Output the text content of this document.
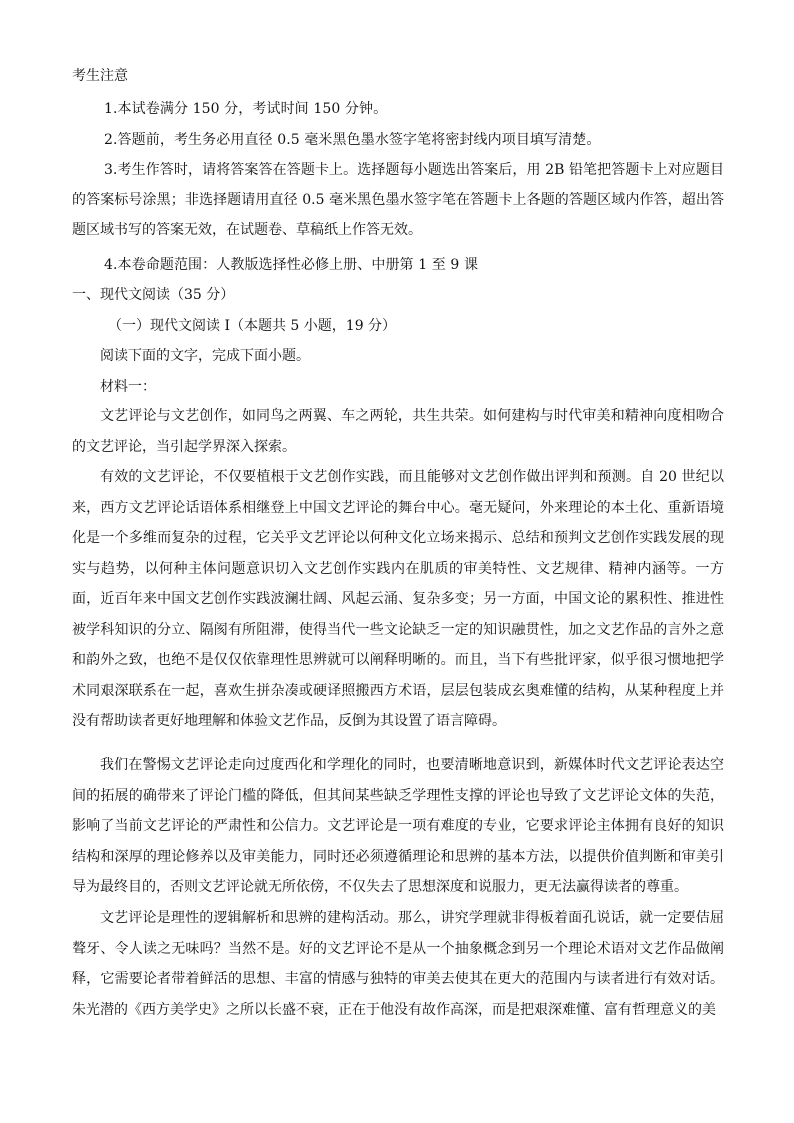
考生注意
1.本试卷满分 150 分，考试时间 150 分钟。
2.答题前，考生务必用直径 0.5 毫米黑色墨水签字笔将密封线内项目填写清楚。

3.考生作答时，请将答案答在答题卡上。选择题每小题选出答案后，用 2B 铅笔把答题卡上对应题目的答案标号涂黑；非选择题请用直径 0.5 毫米黑色墨水签字笔在答题卡上各题的答题区域内作答，超出答题区域书写的答案无效，在试题卷、草稿纸上作答无效。

4.本卷命题范围：人教版选择性必修上册、中册第 1 至 9 课
一、现代文阅读（35 分）
（一）现代文阅读 I（本题共 5 小题，19 分）
阅读下面的文字，完成下面小题。
材料一：

文艺评论与文艺创作，如同鸟之两翼、车之两轮，共生共荣。如何建构与时代审美和精神向度相吻合的文艺评论，当引起学界深入探索。

有效的文艺评论，不仅要植根于文艺创作实践，而且能够对文艺创作做出评判和预测。自 20 世纪以来，西方文艺评论话语体系相继登上中国文艺评论的舞台中心。毫无疑问，外来理论的本土化、重新语境化是一个多维而复杂的过程，它关乎文艺评论以何种文化立场来揭示、总结和预判文艺创作实践发展的现实与趋势，以何种主体问题意识切入文艺创作实践内在肌质的审美特性、文艺规律、精神内涵等。一方面，近百年来中国文艺创作实践波澜壮阔、风起云涌、复杂多变；另一方面，中国文论的累积性、推进性被学科知识的分立、隔阂有所阻滞，使得当代一些文论缺乏一定的知识融贯性，加之文艺作品的言外之意和韵外之致，也绝不是仅仅依靠理性思辨就可以阐释明晰的。而且，当下有些批评家，似乎很习惯地把学术同艰深联系在一起，喜欢生拼杂凑或硬译照搬西方术语，层层包装成玄奥难懂的结构，从某种程度上并没有帮助读者更好地理解和体验文艺作品，反倒为其设置了语言障碍。

我们在警惕文艺评论走向过度西化和学理化的同时，也要清晰地意识到，新媒体时代文艺评论表达空间的拓展的确带来了评论门槛的降低，但其间某些缺乏学理性支撑的评论也导致了文艺评论文体的失范，影响了当前文艺评论的严肃性和公信力。文艺评论是一项有难度的专业，它要求评论主体拥有良好的知识结构和深厚的理论修养以及审美能力，同时还必须遵循理论和思辨的基本方法，以提供价值判断和审美引导为最终目的，否则文艺评论就无所依傍，不仅失去了思想深度和说服力，更无法赢得读者的尊重。

文艺评论是理性的逻辑解析和思辨的建构活动。那么，讲究学理就非得板着面孔说话，就一定要佶屈聱牙、令人读之无味吗？当然不是。好的文艺评论不是从一个抽象概念到另一个理论术语对文艺作品做阐释，它需要论者带着鲜活的思想、丰富的情感与独特的审美去使其在更大的范围内与读者进行有效对话。朱光潜的《西方美学史》之所以长盛不衰，正在于他没有故作高深，而是把艰深难懂、富有哲理意义的美
